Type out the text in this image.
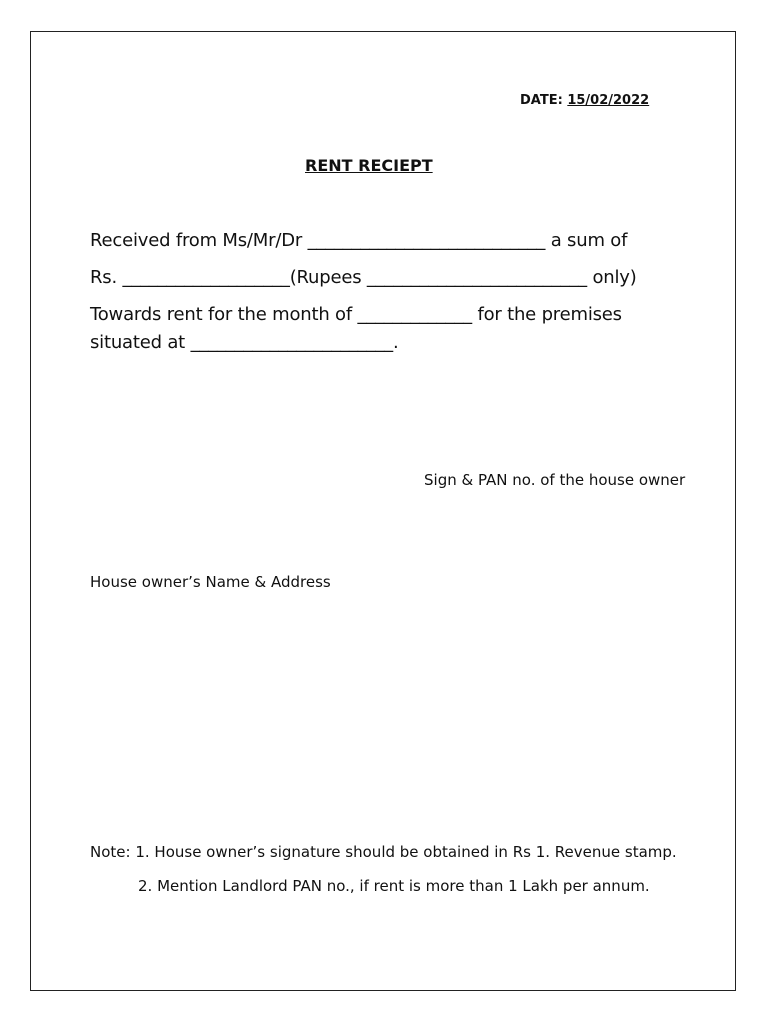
DATE: 15/02/2022
RENT RECIEPT
Received from Ms/Mr/Dr ___________________________ a sum of
Rs. ___________________(Rupees _________________________ only)
Towards rent for the month of _____________ for the premises
situated at _______________________.
Sign & PAN no. of the house owner
House owner’s Name & Address
Note: 1. House owner’s signature should be obtained in Rs 1. Revenue stamp.
2. Mention Landlord PAN no., if rent is more than 1 Lakh per annum.
